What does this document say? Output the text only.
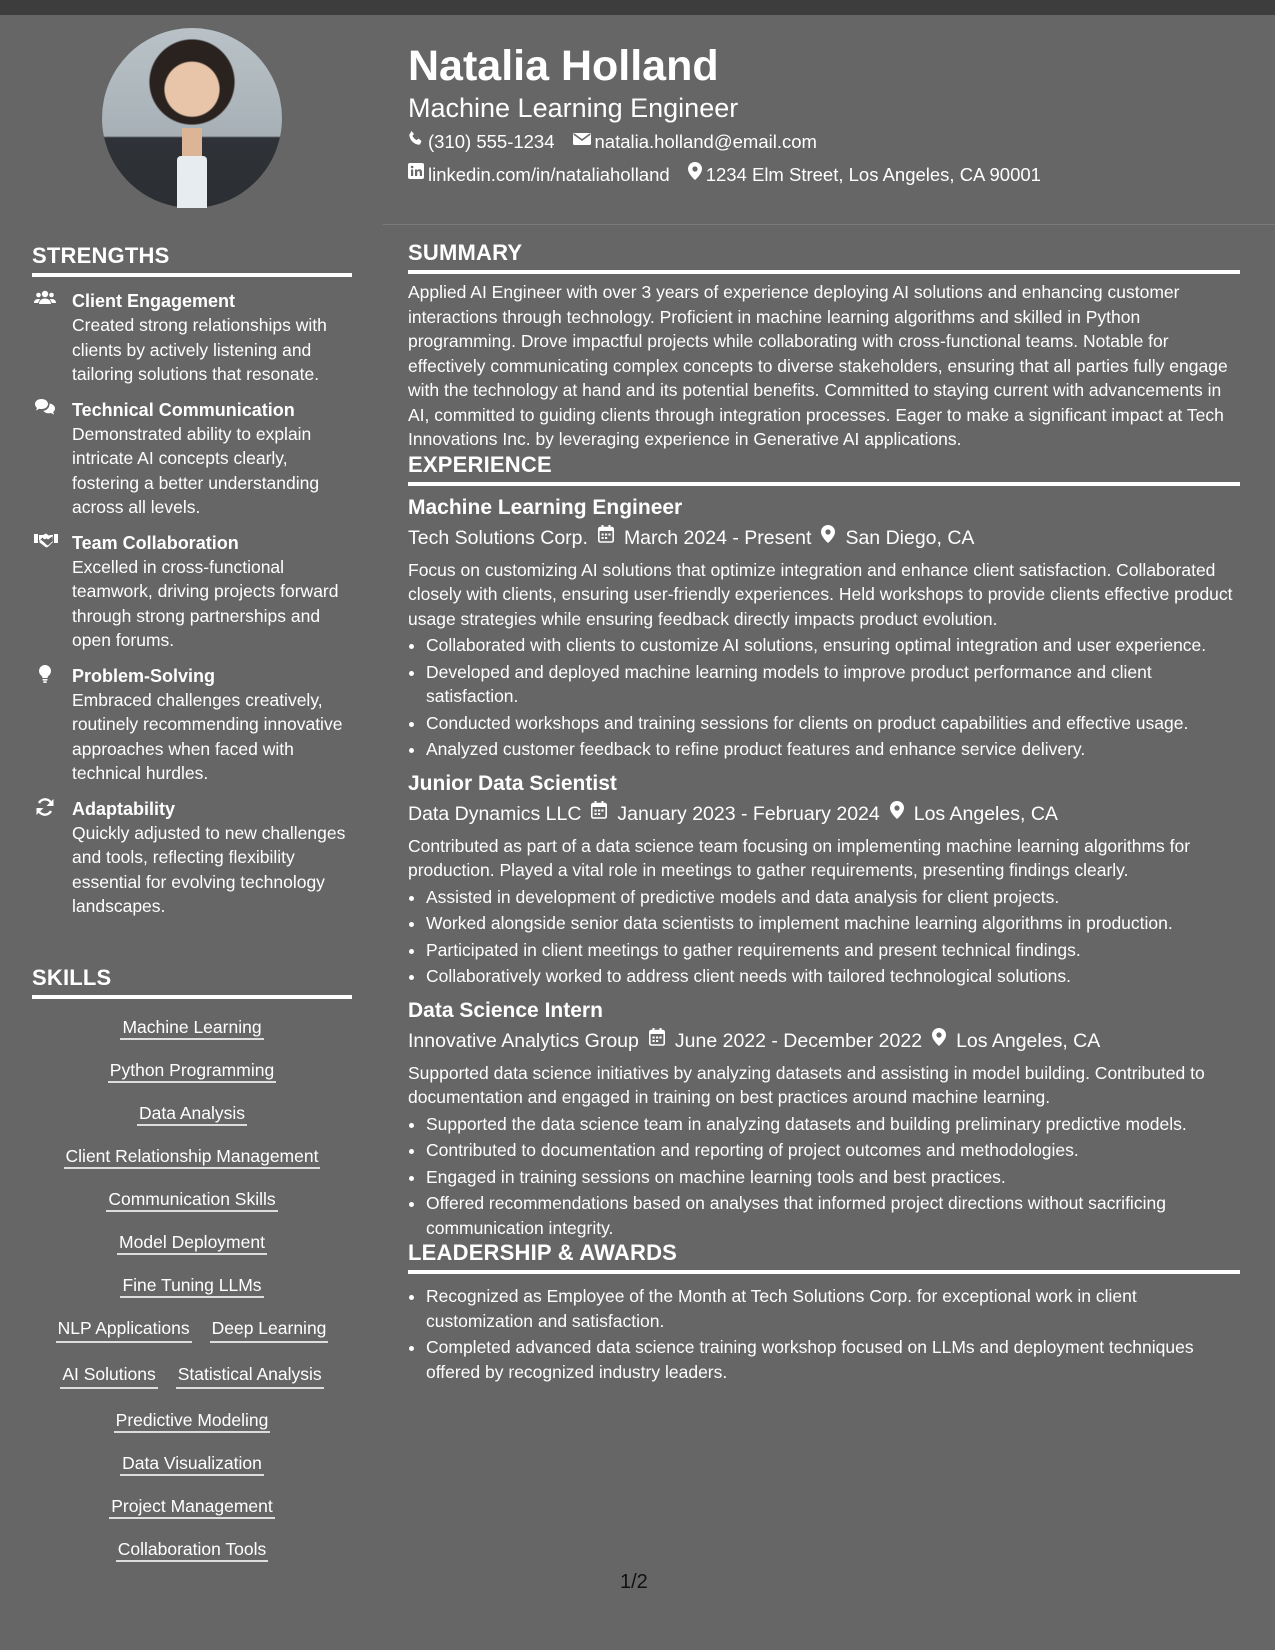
STRENGTHS
Client Engagement
Created strong relationships with clients by actively listening and tailoring solutions that resonate.
Technical Communication
Demonstrated ability to explain intricate AI concepts clearly, fostering a better understanding across all levels.
Team Collaboration
Excelled in cross-functional teamwork, driving projects forward through strong partnerships and open forums.
Problem-Solving
Embraced challenges creatively, routinely recommending innovative approaches when faced with technical hurdles.
Adaptability
Quickly adjusted to new challenges and tools, reflecting flexibility essential for evolving technology landscapes.
SKILLS
Machine Learning
Python Programming
Data Analysis
Client Relationship Management
Communication Skills
Model Deployment
Fine Tuning LLMs
NLP Applications Deep Learning
AI Solutions Statistical Analysis
Predictive Modeling
Data Visualization
Project Management
Collaboration Tools
Natalia Holland
Machine Learning Engineer
(310) 555-1234 natalia.holland@email.com
linkedin.com/in/nataliaholland 1234 Elm Street, Los Angeles, CA 90001
SUMMARY

Applied AI Engineer with over 3 years of experience deploying AI solutions and enhancing customer interactions through technology. Proficient in machine learning algorithms and skilled in Python programming. Drove impactful projects while collaborating with cross-functional teams. Notable for effectively communicating complex concepts to diverse stakeholders, ensuring that all parties fully engage with the technology at hand and its potential benefits. Committed to staying current with advancements in AI, committed to guiding clients through integration processes. Eager to make a significant impact at Tech Innovations Inc. by leveraging experience in Generative AI applications.

EXPERIENCE
Machine Learning Engineer
Tech Solutions Corp. March 2024 - Present San Diego, CA

Focus on customizing AI solutions that optimize integration and enhance client satisfaction. Collaborated closely with clients, ensuring user-friendly experiences. Held workshops to provide clients effective product usage strategies while ensuring feedback directly impacts product evolution.

• Collaborated with clients to customize AI solutions, ensuring optimal integration and user experience.
• Developed and deployed machine learning models to improve product performance and client satisfaction.
• Conducted workshops and training sessions for clients on product capabilities and effective usage.
• Analyzed customer feedback to refine product features and enhance service delivery.
Junior Data Scientist
Data Dynamics LLC January 2023 - February 2024 Los Angeles, CA

Contributed as part of a data science team focusing on implementing machine learning algorithms for production. Played a vital role in meetings to gather requirements, presenting findings clearly.

• Assisted in development of predictive models and data analysis for client projects.
• Worked alongside senior data scientists to implement machine learning algorithms in production.
• Participated in client meetings to gather requirements and present technical findings.
• Collaboratively worked to address client needs with tailored technological solutions.
Data Science Intern
Innovative Analytics Group June 2022 - December 2022 Los Angeles, CA

Supported data science initiatives by analyzing datasets and assisting in model building. Contributed to documentation and engaged in training on best practices around machine learning.

• Supported the data science team in analyzing datasets and building preliminary predictive models.
• Contributed to documentation and reporting of project outcomes and methodologies.
• Engaged in training sessions on machine learning tools and best practices.
• Offered recommendations based on analyses that informed project directions without sacrificing communication integrity.
LEADERSHIP & AWARDS
• Recognized as Employee of the Month at Tech Solutions Corp. for exceptional work in client customization and satisfaction.
• Completed advanced data science training workshop focused on LLMs and deployment techniques offered by recognized industry leaders.
1/2
